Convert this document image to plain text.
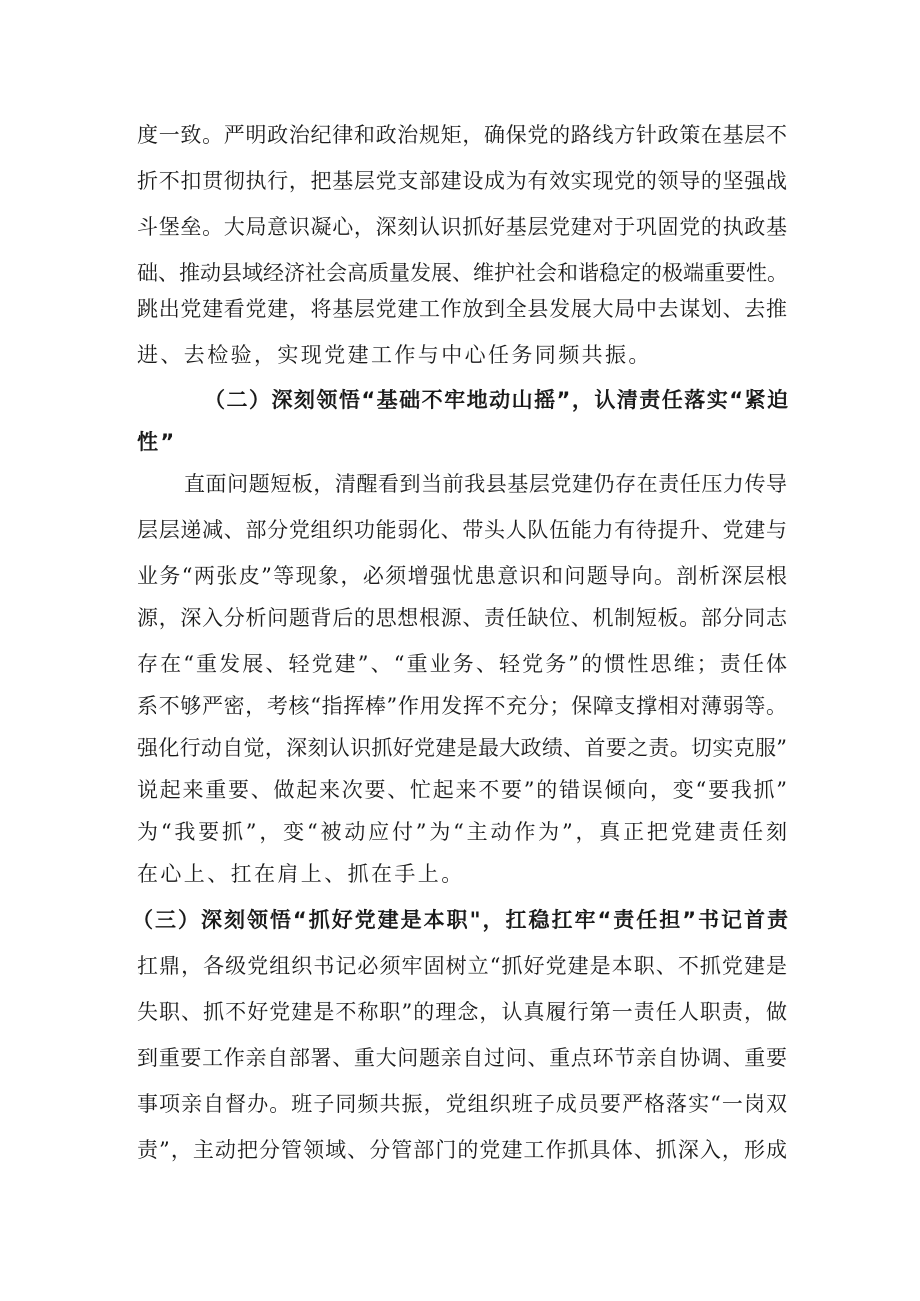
度一致。严明政治纪律和政治规矩，确保党的路线方针政策在基层不
折不扣贯彻执行，把基层党支部建设成为有效实现党的领导的坚强战
斗堡垒。大局意识凝心，深刻认识抓好基层党建对于巩固党的执政基
础、推动县域经济社会高质量发展、维护社会和谐稳定的极端重要性。
跳出党建看党建，将基层党建工作放到全县发展大局中去谋划、去推
进、去检验，实现党建工作与中心任务同频共振。
（二）深刻领悟“基础不牢地动山摇”，认清责任落实“紧迫
性”
直面问题短板，清醒看到当前我县基层党建仍存在责任压力传导
层层递减、部分党组织功能弱化、带头人队伍能力有待提升、党建与
业务“两张皮”等现象，必须增强忧患意识和问题导向。剖析深层根
源，深入分析问题背后的思想根源、责任缺位、机制短板。部分同志
存在“重发展、轻党建”、“重业务、轻党务”的惯性思维；责任体
系不够严密，考核“指挥棒”作用发挥不充分；保障支撑相对薄弱等。
强化行动自觉，深刻认识抓好党建是最大政绩、首要之责。切实克服”
说起来重要、做起来次要、忙起来不要”的错误倾向，变“要我抓”
为“我要抓”，变“被动应付”为“主动作为”，真正把党建责任刻
在心上、扛在肩上、抓在手上。
（三）深刻领悟“抓好党建是本职"，扛稳扛牢“责任担”书记首责
扛鼎，各级党组织书记必须牢固树立“抓好党建是本职、不抓党建是
失职、抓不好党建是不称职”的理念，认真履行第一责任人职责，做
到重要工作亲自部署、重大问题亲自过问、重点环节亲自协调、重要
事项亲自督办。班子同频共振，党组织班子成员要严格落实“一岗双
责”，主动把分管领域、分管部门的党建工作抓具体、抓深入，形成
